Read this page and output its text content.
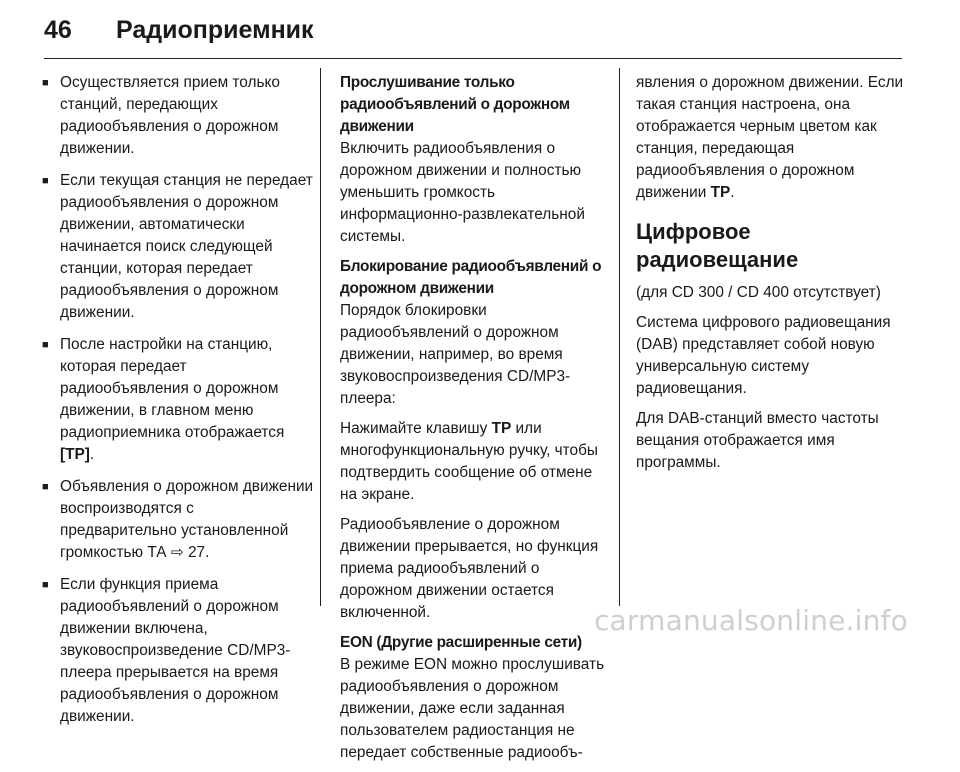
46	Радиоприемник
■ Осуществляется прием только станций, передающих радиообъявления о дорожном движении.
■ Если текущая станция не передает радиообъявления о дорожном движении, автоматически начинается поиск следующей станции, которая передает радиообъявления о дорожном движении.
■ После настройки на станцию, которая передает радиообъявления о дорожном движении, в главном меню радиоприемника отображается [TP].
■ Объявления о дорожном движении воспроизводятся с предварительно установленной громкостью ТА ⇨ 27.
■ Если функция приема радиообъявлений о дорожном движении включена, звуковоспроизведение CD/MP3-плеера прерывается на время радиообъявления о дорожном движении.
Прослушивание только радиообъявлений о дорожном движении

Включить радиообъявления о дорожном движении и полностью уменьшить громкость информационно-развлекательной системы.

Блокирование радиообъявлений о дорожном движении

Порядок блокировки радиообъявлений о дорожном движении, например, во время звуковоспроизведения CD/MP3-плеера:

Нажимайте клавишу TP или многофункциональную ручку, чтобы подтвердить сообщение об отмене на экране.

Радиообъявление о дорожном движении прерывается, но функция приема радиообъявлений о дорожном движении остается включенной.

EON (Другие расширенные сети)

В режиме EON можно прослушивать радиообъявления о дорожном движении, даже если заданная пользователем радиостанция не передает собственные радиообъ-

явления о дорожном движении. Если такая станция настроена, она отображается черным цветом как станция, передающая радиообъявления о дорожном движении TP.

Цифровое радиовещание

(для CD 300 / CD 400 отсутствует)

Система цифрового радиовещания (DAB) представляет собой новую универсальную систему радиовещания.

Для DAB-станций вместо частоты вещания отображается имя программы.

carmanualsonline.info
